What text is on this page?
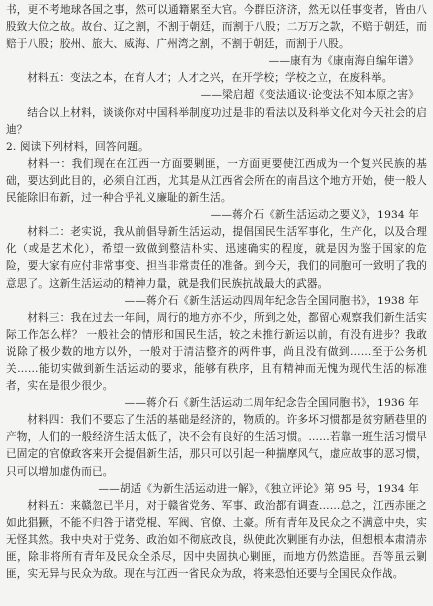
书，更不考地球各国之事，然可以通籍累至大官。今群臣济济，然无以任事变者，皆由八股致大位之故。故台、辽之割，不割于朝廷，而割于八股；二万万之款，不赔于朝廷，而赔于八股；胶州、旅大、威海、广州湾之割，不割于朝廷，而割于八股。

——康有为《康南海自编年谱》

材料五：变法之本，在育人才；人才之兴，在开学校；学校之立，在废科举。

——梁启超《变法通议·论变法不知本原之害》

结合以上材料，谈谈你对中国科举制度功过是非的看法以及科举文化对今天社会的启迪？

2. 阅读下列材料，回答问题。

材料一：我们现在在江西一方面要剿匪，一方面更要使江西成为一个复兴民族的基础，要达到此目的，必须自江西，尤其是从江西省会所在的南昌这个地方开始，使一般人民能除旧布新，过一种合乎礼义廉耻的新生活。

——蒋介石《新生活运动之要义》，1934 年

材料二：老实说，我从前倡导新生活运动，提倡国民生活军事化，生产化，以及合理化（或是艺术化），希望一致做到整洁朴实、迅速确实的程度，就是因为鉴于国家的危险，要大家有应付非常事变、担当非常责任的准备。到今天，我们的同胞可一致明了我的意思了。这新生活运动的精神力量，就是我们民族抗战最大的武器。

——蒋介石《新生活运动四周年纪念告全国同胞书》，1938 年

材料三：我在过去一年间，周行的地方亦不少，所到之处，都留心观察我们新生活实际工作怎么样？ 一般社会的情形和国民生活，较之未推行新运以前，有没有进步？我敢说除了极少数的地方以外，一般对于清洁整齐的两件事，尚且没有做到……至于公务机关……能切实做到新生活运动的要求，能够有秩序，且有精神而无愧为现代生活的标准者，实在是很少很少。

——蒋介石《新生活运动二周年纪念告全国同胞书》，1936 年

材料四：我们不要忘了生活的基础是经济的，物质的。许多坏习惯都是贫穷陋巷里的产物，人们的一般经济生活太低了，决不会有良好的生活习惯。……若靠一班生活习惯早已固定的官僚政客来开会提倡新生活，那只可以引起一种揣摩风气，虚应故事的恶习惯，只可以增加虚伪而已。

——胡适《为新生活运动进一解》，《独立评论》第 95 号，1934 年

材料五：来赣忽已半月，对于赣省党务、军事、政治都有调查……总之，江西赤匪之如此猖獗，不能不归咎于诸党棍、军阀、官僚、土豪。所有青年及民众之不满意中央，实无怪其然。我中央对于党务、政治如不彻底改良，纵使此次剿匪有办法，但想根本肃清赤匪，除非将所有青年及民众全杀尽，因中央固执心剿匪，而地方仍然造匪。吾等虽云剿匪，实无异与民众为敌。现在与江西一省民众为敌，将来恐怕还要与全国民众作战。
